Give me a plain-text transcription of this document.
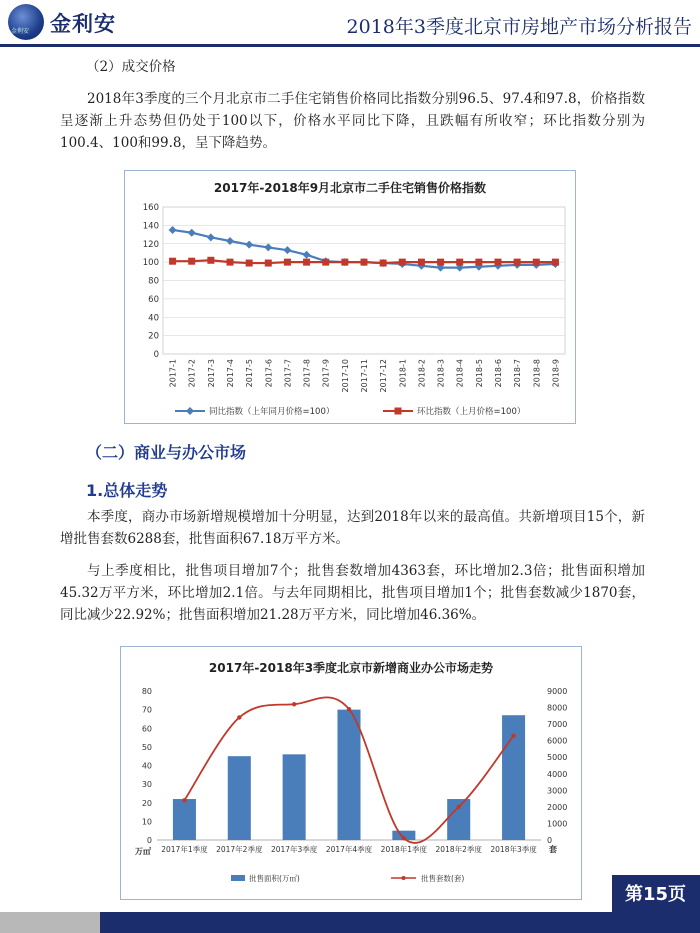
金利安 金利安	2018年3季度北京市房地产市场分析报告

（2）成交价格

2018年3季度的三个月北京市二手住宅销售价格同比指数分别96.5、97.4和97.8，价格指数呈逐渐上升态势但仍处于100以下，价格水平同比下降，且跌幅有所收窄；环比指数分别为100.4、100和99.8，呈下降趋势。

2017年-2018年9月北京市二手住宅销售价格指数
0
20
40
60
80
100
120
140
160
2017-1 2017-2 2017-3 2017-4 2017-5 2017-6 2017-7 2017-8 2017-9 2017-10 2017-11 2017-12 2018-1 2018-2 2018-3 2018-4 2018-5 2018-6 2018-7 2018-8 2018-9
同比指数（上年同月价格=100）	环比指数（上月价格=100）
（二）商业与办公市场
1.总体走势

本季度，商办市场新增规模增加十分明显，达到2018年以来的最高值。共新增项目15个，新增批售套数6288套，批售面积67.18万平方米。

与上季度相比，批售项目增加7个；批售套数增加4363套，环比增加2.3倍；批售面积增加45.32万平方米，环比增加2.1倍。与去年同期相比，批售项目增加1个；批售套数减少1870套，同比减少22.92%；批售面积增加21.28万平方米，同比增加46.36%。

2017年-2018年3季度北京市新增商业办公市场走势
0
10
20
30
40
50
60
70
80
0
1000
2000
3000
4000
5000
6000
7000
8000
9000
万㎡	套
2017年1季度 2017年2季度 2017年3季度 2017年4季度 2018年1季度 2018年2季度 2018年3季度
批售面积(万㎡)	批售套数(套)
第15页
